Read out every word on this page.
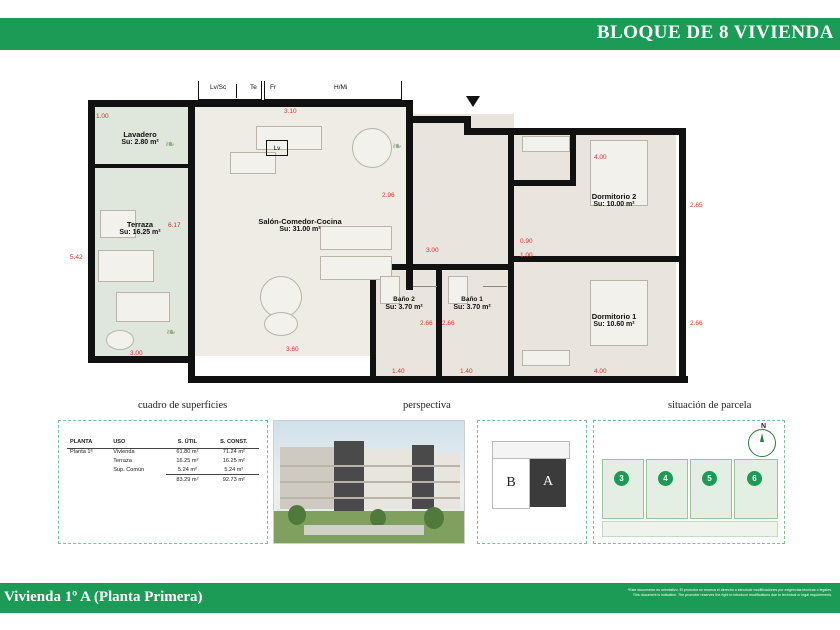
BLOQUE DE 8 VIVIENDA
❧
❧
❧
Lv/Sc	Te Fr	H/Mi
Lv
Lavadero
Su: 2.80 m²
Terraza
Su: 16.25 m²
Salón-Comedor-Cocina
Su: 31.00 m²
Baño 2
Su: 3.70 m²
Baño 1
Su: 3.70 m²
Dormitorio 2
Su: 10.00 m²
Dormitorio 1
Su: 10.60 m²
1.00
3.10
2.96
6.17
5.42
3.00
3.60
3.00
0.90
1.00
4.00
2.65
2.66
4.00
2.66 2.66
1.40	1.40
cuadro de superficies	perspectiva	situación de parcela
PLANTA	USO	S. ÚTIL	S. CONST.
Planta 1ª	Vivienda	61.80 m²	71.24 m²
	Terraza	16.25 m²	16.25 m²
	Sup. Común	5.24 m²	5.24 m²
		83.29 m²	92.73 m²	B	A
N
3	4	5	6
Vivienda 1º A (Planta Primera)	*Este documento es orientativo. El promotor se reserva el derecho a introducir modificaciones por exigencias técnicas o legales.
This document is indicative. The promoter reserves the right to introduce modifications due to technical or legal requirements.
